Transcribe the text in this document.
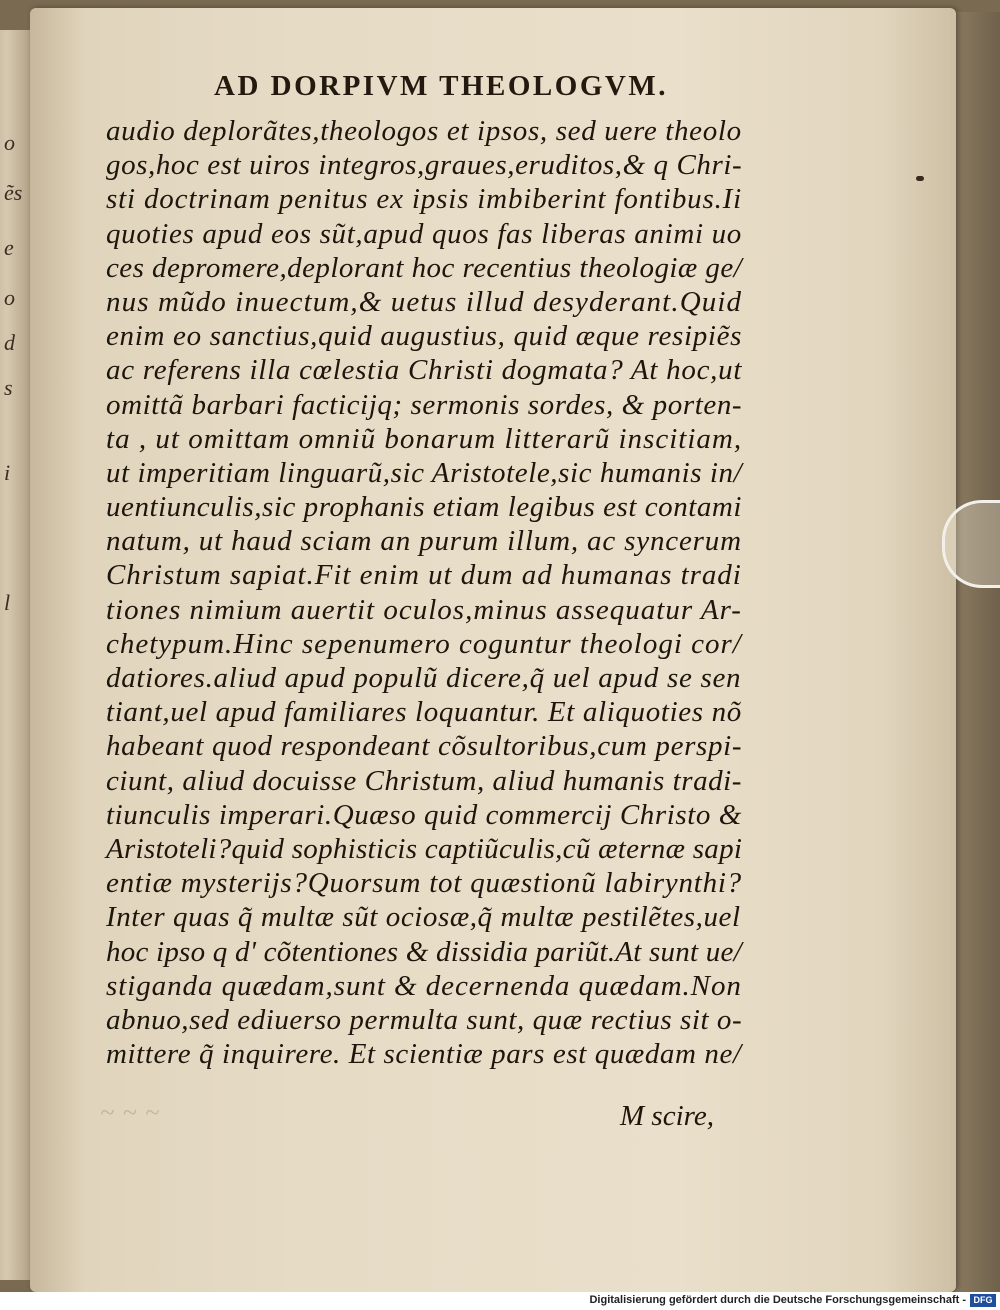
o
ẽs
e
o
d
s
i
l
AD DORPIVM THEOLOGVM.
audio deplorãtes,theologos et ipsos, sed uere theolo
gos,hoc est uiros integros,graues,eruditos,& q Chri-
sti doctrinam penitus ex ipsis imbiberint fontibus.Ii
quoties apud eos sũt,apud quos fas liberas animi uo
ces depromere,deplorant hoc recentius theologiæ ge/
nus mũdo inuectum,& uetus illud desyderant.Quid
enim eo sanctius,quid augustius, quid æque resipiẽs
ac referens illa cœlestia Christi dogmata? At hoc,ut
omittã barbari facticijq; sermonis sordes, & porten-
ta , ut omittam omniũ bonarum litterarũ inscitiam,
ut imperitiam linguarũ,sic Aristotele,sic humanis in/
uentiunculis,sic prophanis etiam legibus est contami
natum, ut haud sciam an purum illum, ac syncerum
Christum sapiat.Fit enim ut dum ad humanas tradi
tiones nimium auertit oculos,minus assequatur Ar-
chetypum.Hinc sepenumero coguntur theologi cor/
datiores.aliud apud populũ dicere,q̃ uel apud se sen
tiant,uel apud familiares loquantur. Et aliquoties nõ
habeant quod respondeant cõsultoribus,cum perspi-
ciunt, aliud docuisse Christum, aliud humanis tradi-
tiunculis imperari.Quæso quid commercij Christo &
Aristoteli?quid sophisticis captiũculis,cũ æternæ sapi
entiæ mysterijs?Quorsum tot quæstionũ labirynthi?
Inter quas q̃ multæ sũt ociosæ,q̃ multæ pestilẽtes,uel
hoc ipso q d' cõtentiones & dissidia pariũt.At sunt ue/
stiganda quædam,sunt & decernenda quædam.Non
abnuo,sed ediuerso permulta sunt, quæ rectius sit o-
mittere q̃ inquirere. Et scientiæ pars est quædam ne/
~ ~ ~	M scire,
Digitalisierung gefördert durch die Deutsche Forschungsgemeinschaft - DFG
